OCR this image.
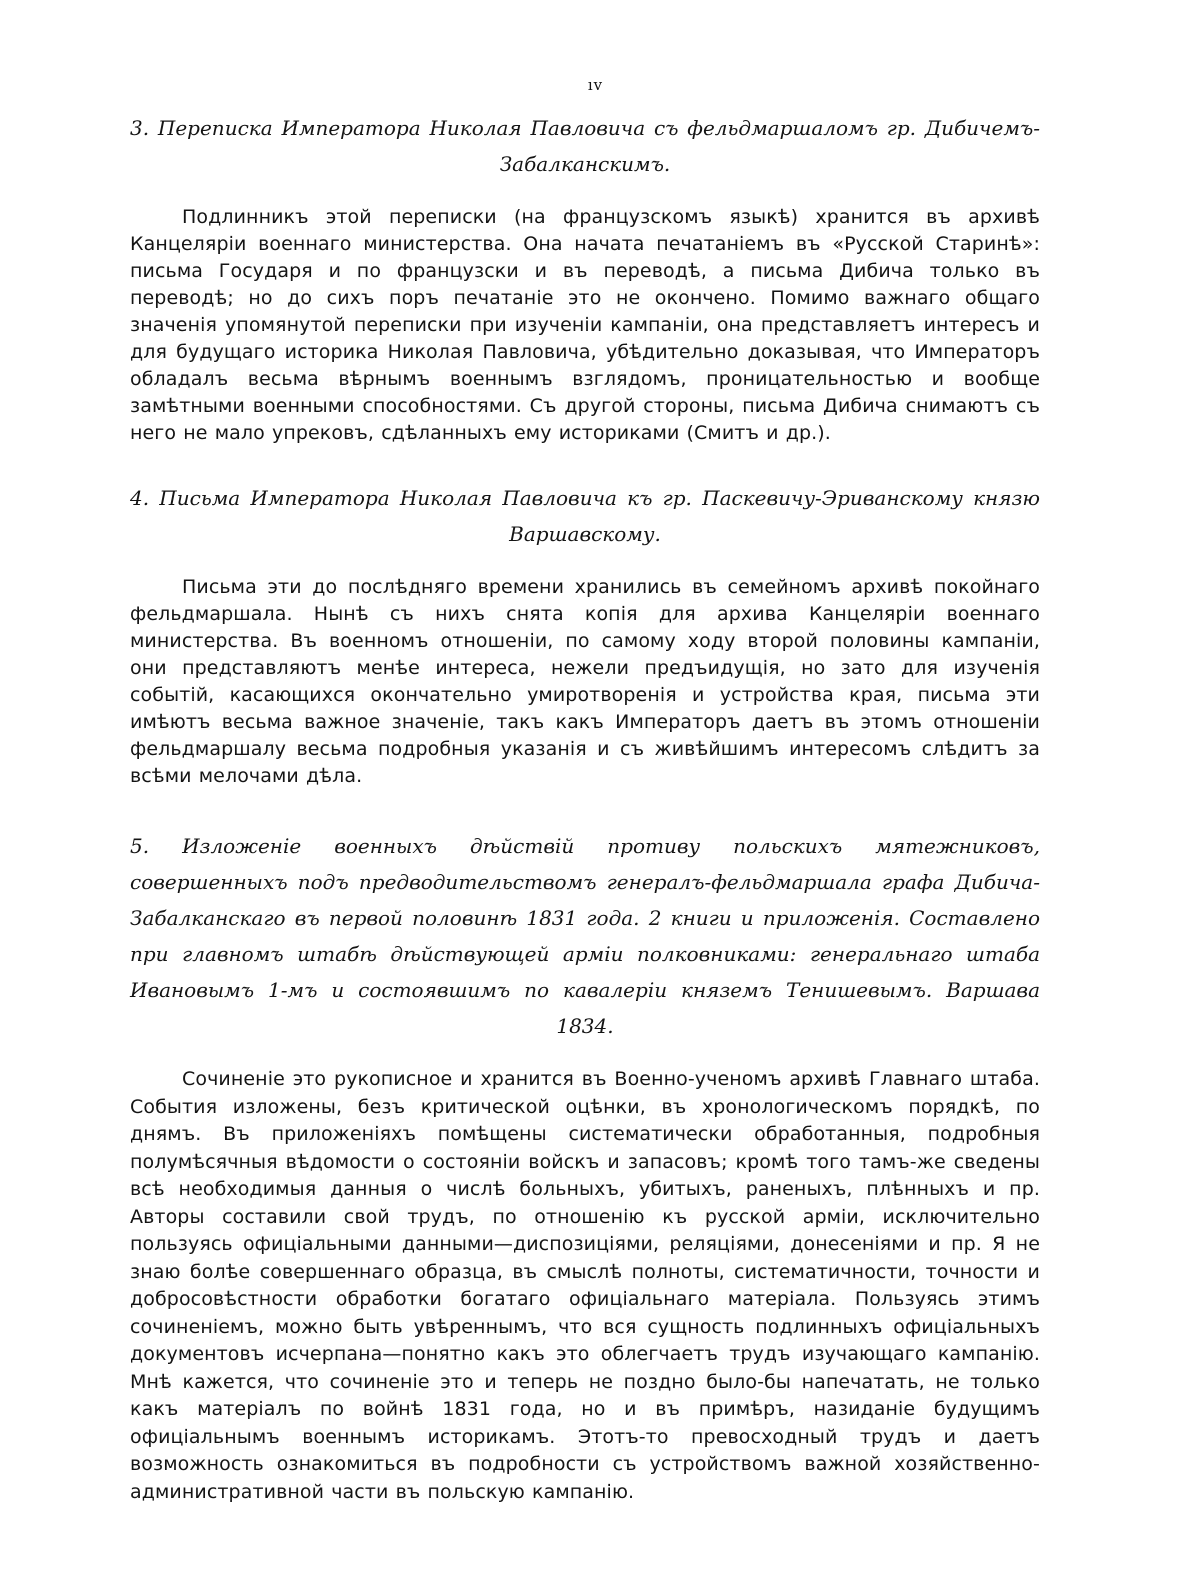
ıv

3. Переписка Императора Николая Павловича съ фельдмаршаломъ гр. Дибичемъ-Забалканскимъ.

Подлинникъ этой переписки (на французскомъ языкѣ) хранится въ архивѣ Канцеляріи военнаго министерства. Она начата печатаніемъ въ «Русской Старинѣ»: письма Государя и по французски и въ переводѣ, а письма Дибича только въ переводѣ; но до сихъ поръ печатаніе это не окончено. Помимо важнаго общаго значенія упомянутой переписки при изученіи кампаніи, она представляетъ интересъ и для будущаго историка Николая Павловича, убѣдительно доказывая, что Императоръ обладалъ весьма вѣрнымъ военнымъ взглядомъ, проницательностью и вообще замѣтными военными способностями. Съ другой стороны, письма Дибича снимаютъ съ него не мало упрековъ, сдѣланныхъ ему историками (Смитъ и др.).

4. Письма Императора Николая Павловича къ гр. Паскевичу-Эриванскому князю Варшавскому.

Письма эти до послѣдняго времени хранились въ семейномъ архивѣ покойнаго фельдмаршала. Нынѣ съ нихъ снята копія для архива Канцеляріи военнаго министерства. Въ военномъ отношеніи, по самому ходу второй половины кампаніи, они представляютъ менѣе интереса, нежели предъидущія, но зато для изученія событій, касающихся окончательно умиротворенія и устройства края, письма эти имѣютъ весьма важное значеніе, такъ какъ Императоръ даетъ въ этомъ отношеніи фельдмаршалу весьма подробныя указанія и съ живѣйшимъ интересомъ слѣдитъ за всѣми мелочами дѣла.

5. Изложеніе военныхъ дѣйствій противу польскихъ мятежниковъ, совершенныхъ подъ предводительствомъ генералъ-фельдмаршала графа Дибича-Забалканскаго въ первой половинѣ 1831 года. 2 книги и приложенія. Составлено при главномъ штабѣ дѣйствующей арміи полковниками: генеральнаго штаба Ивановымъ 1-мъ и состоявшимъ по кавалеріи княземъ Тенишевымъ. Варшава 1834.

Сочиненіе это рукописное и хранится въ Военно-ученомъ архивѣ Главнаго штаба. События изложены, безъ критической оцѣнки, въ хронологическомъ порядкѣ, по днямъ. Въ приложеніяхъ помѣщены систематически обработанныя, подробныя полумѣсячныя вѣдомости о состояніи войскъ и запасовъ; кромѣ того тамъ-же сведены всѣ необходимыя данныя о числѣ больныхъ, убитыхъ, раненыхъ, плѣнныхъ и пр. Авторы составили свой трудъ, по отношенію къ русской арміи, исключительно пользуясь офиціальными данными—диспозиціями, реляціями, донесеніями и пр. Я не знаю болѣе совершеннаго образца, въ смыслѣ полноты, систематичности, точности и добросовѣстности обработки богатаго офиціальнаго матеріала. Пользуясь этимъ сочиненіемъ, можно быть увѣреннымъ, что вся сущность подлинныхъ офиціальныхъ документовъ исчерпана—понятно какъ это облегчаетъ трудъ изучающаго кампанію. Мнѣ кажется, что сочиненіе это и теперь не поздно было-бы напечатать, не только какъ матеріалъ по войнѣ 1831 года, но и въ примѣръ, назиданіе будущимъ офиціальнымъ военнымъ историкамъ. Этотъ-то превосходный трудъ и даетъ возможность ознакомиться въ подробности съ устройствомъ важной хозяйственно-административной части въ польскую кампанію.
